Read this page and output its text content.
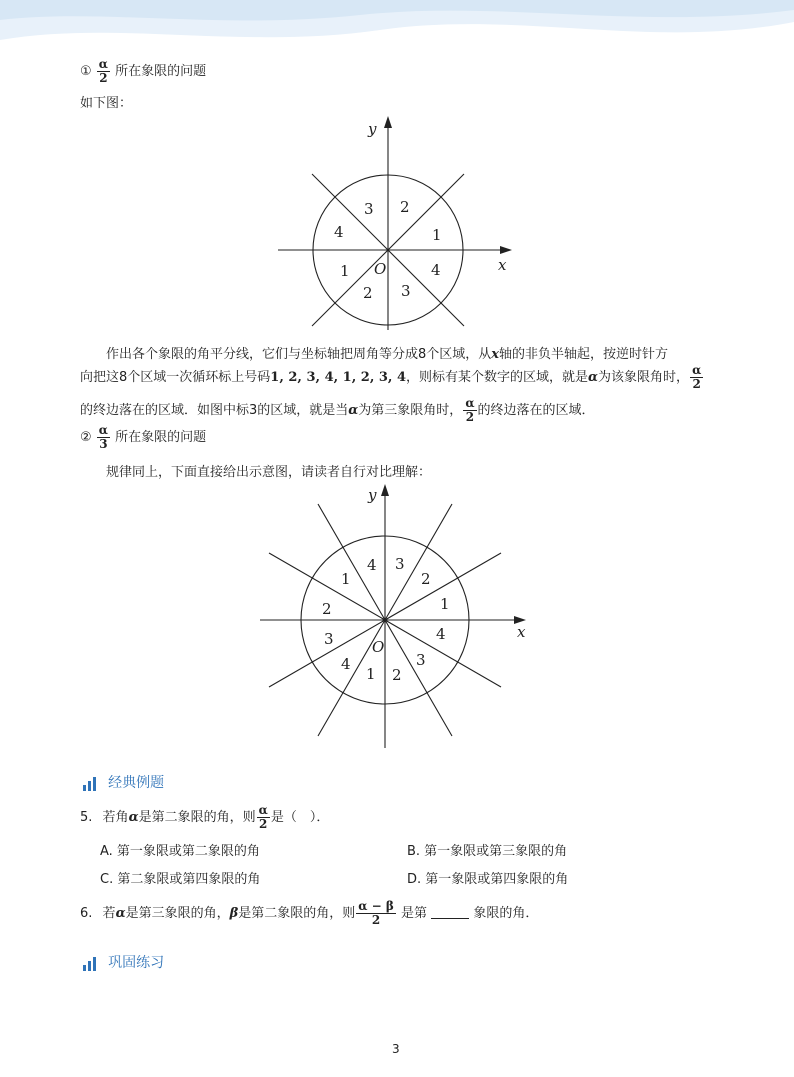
① $\frac{\alpha}{2}$ 所在象限的问题
如下图：
x
y
O
1
2
3
4
1
2 3
4
作出各个象限的角平分线，它们与坐标轴把周角等分成8个区域，从x轴的非负半轴起，按逆时针方
向把这8个区域一次循环标上号码1, 2, 3, 4, 1, 2, 3, 4，则标有某个数字的区域，就是α为该象限角时， $\frac{\alpha}{2}$
的终边落在的区域．如图中标3的区域，就是当α为第三象限角时， $\frac{\alpha}{2}$ 的终边落在的区域．
② $\frac{\alpha}{3}$ 所在象限的问题
规律同上，下面直接给出示意图，请读者自行对比理解：
x
y
O
1
2
3
4
1
2
3
4
1 2
3
4
经典例题
5. 若角α是第二象限的角，则 $\frac{\alpha}{2}$ 是（　）．
A. 第一象限或第二象限的角	B. 第一象限或第三象限的角
C. 第二象限或第四象限的角	D. 第一象限或第四象限的角
6. 若α是第三象限的角，β是第二象限的角，则 $\frac{\alpha - \beta}{2}$ 是第	象限的角．
巩固练习
3
